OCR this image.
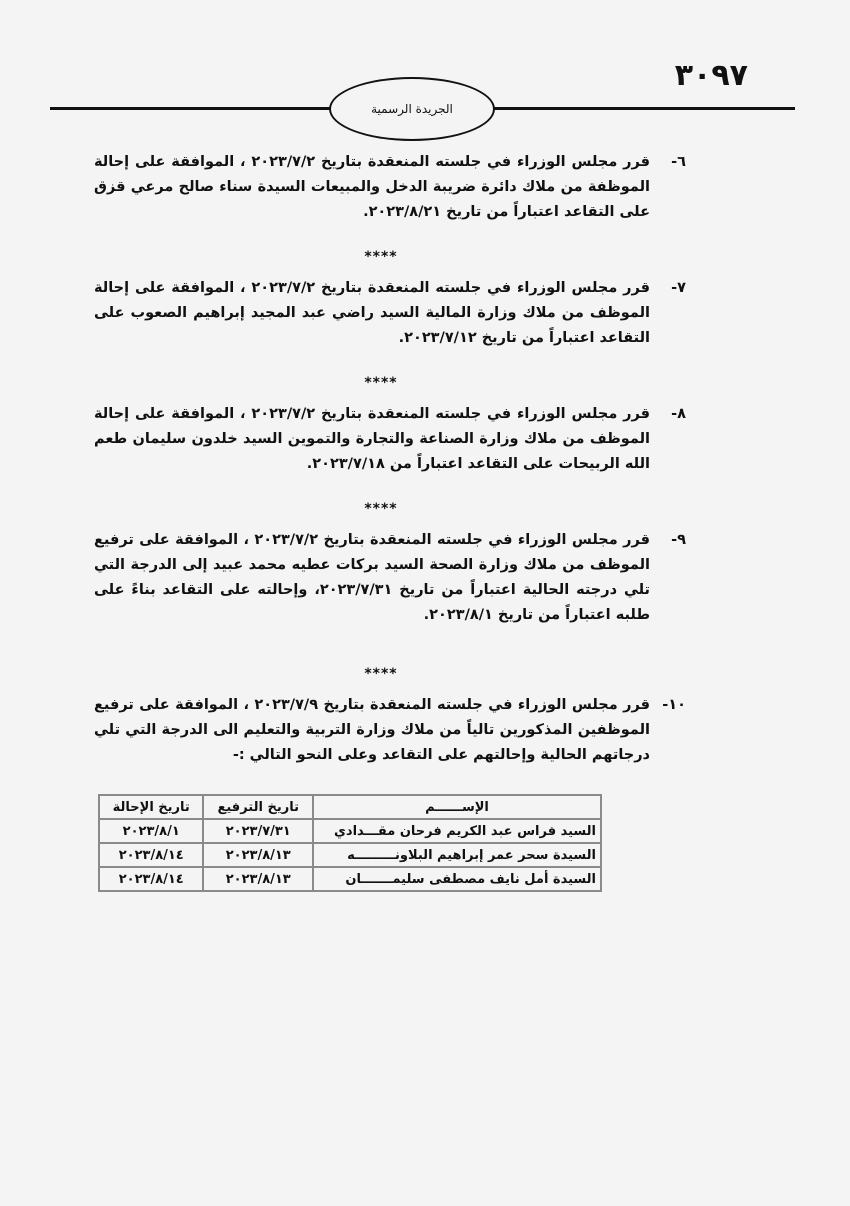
٣٠٩٧
الجريدة الرسمية
٦-
قرر مجلس الوزراء في جلسته المنعقدة بتاريخ ٢٠٢٣/٧/٢ ، الموافقة على إحالة الموظفة من ملاك دائرة ضريبة الدخل والمبيعات السيدة سناء صالح مرعي قزق على التقاعد اعتباراً من تاريخ ٢٠٢٣/٨/٢١.
****
٧-
قرر مجلس الوزراء في جلسته المنعقدة بتاريخ ٢٠٢٣/٧/٢ ، الموافقة على إحالة الموظف من ملاك وزارة المالية السيد راضي عبد المجيد إبراهيم الصعوب على التقاعد اعتباراً من تاريخ ٢٠٢٣/٧/١٢.
****
٨-
قرر مجلس الوزراء في جلسته المنعقدة بتاريخ ٢٠٢٣/٧/٢ ، الموافقة على إحالة الموظف من ملاك وزارة الصناعة والتجارة والتموين السيد خلدون سليمان طعم الله الربيحات على التقاعد اعتباراً من ٢٠٢٣/٧/١٨.
****
٩-
قرر مجلس الوزراء في جلسته المنعقدة بتاريخ ٢٠٢٣/٧/٢ ، الموافقة على ترفيع الموظف من ملاك وزارة الصحة السيد بركات عطيه محمد عبيد إلى الدرجة التي تلي درجته الحالية اعتباراً من تاريخ ٢٠٢٣/٧/٣١، وإحالته على التقاعد بناءً على طلبه اعتباراً من تاريخ ٢٠٢٣/٨/١.
****
١٠-
قرر مجلس الوزراء في جلسته المنعقدة بتاريخ ٢٠٢٣/٧/٩ ، الموافقة على ترفيع الموظفين المذكورين تالياً من ملاك وزارة التربية والتعليم الى الدرجة التي تلي درجاتهم الحالية وإحالتهم على التقاعد وعلى النحو التالي :-
الإســــــم	تاريخ الترفيع	تاريخ الإحالة
السيد فراس عبد الكريم فرحان مقـــدادي	٢٠٢٣/٧/٣١	٢٠٢٣/٨/١
السيدة سحر عمر إبراهيم البلاونـــــــــه	٢٠٢٣/٨/١٣	٢٠٢٣/٨/١٤
السيدة أمل نايف مصطفى سليمـــــــان	٢٠٢٣/٨/١٣	٢٠٢٣/٨/١٤
